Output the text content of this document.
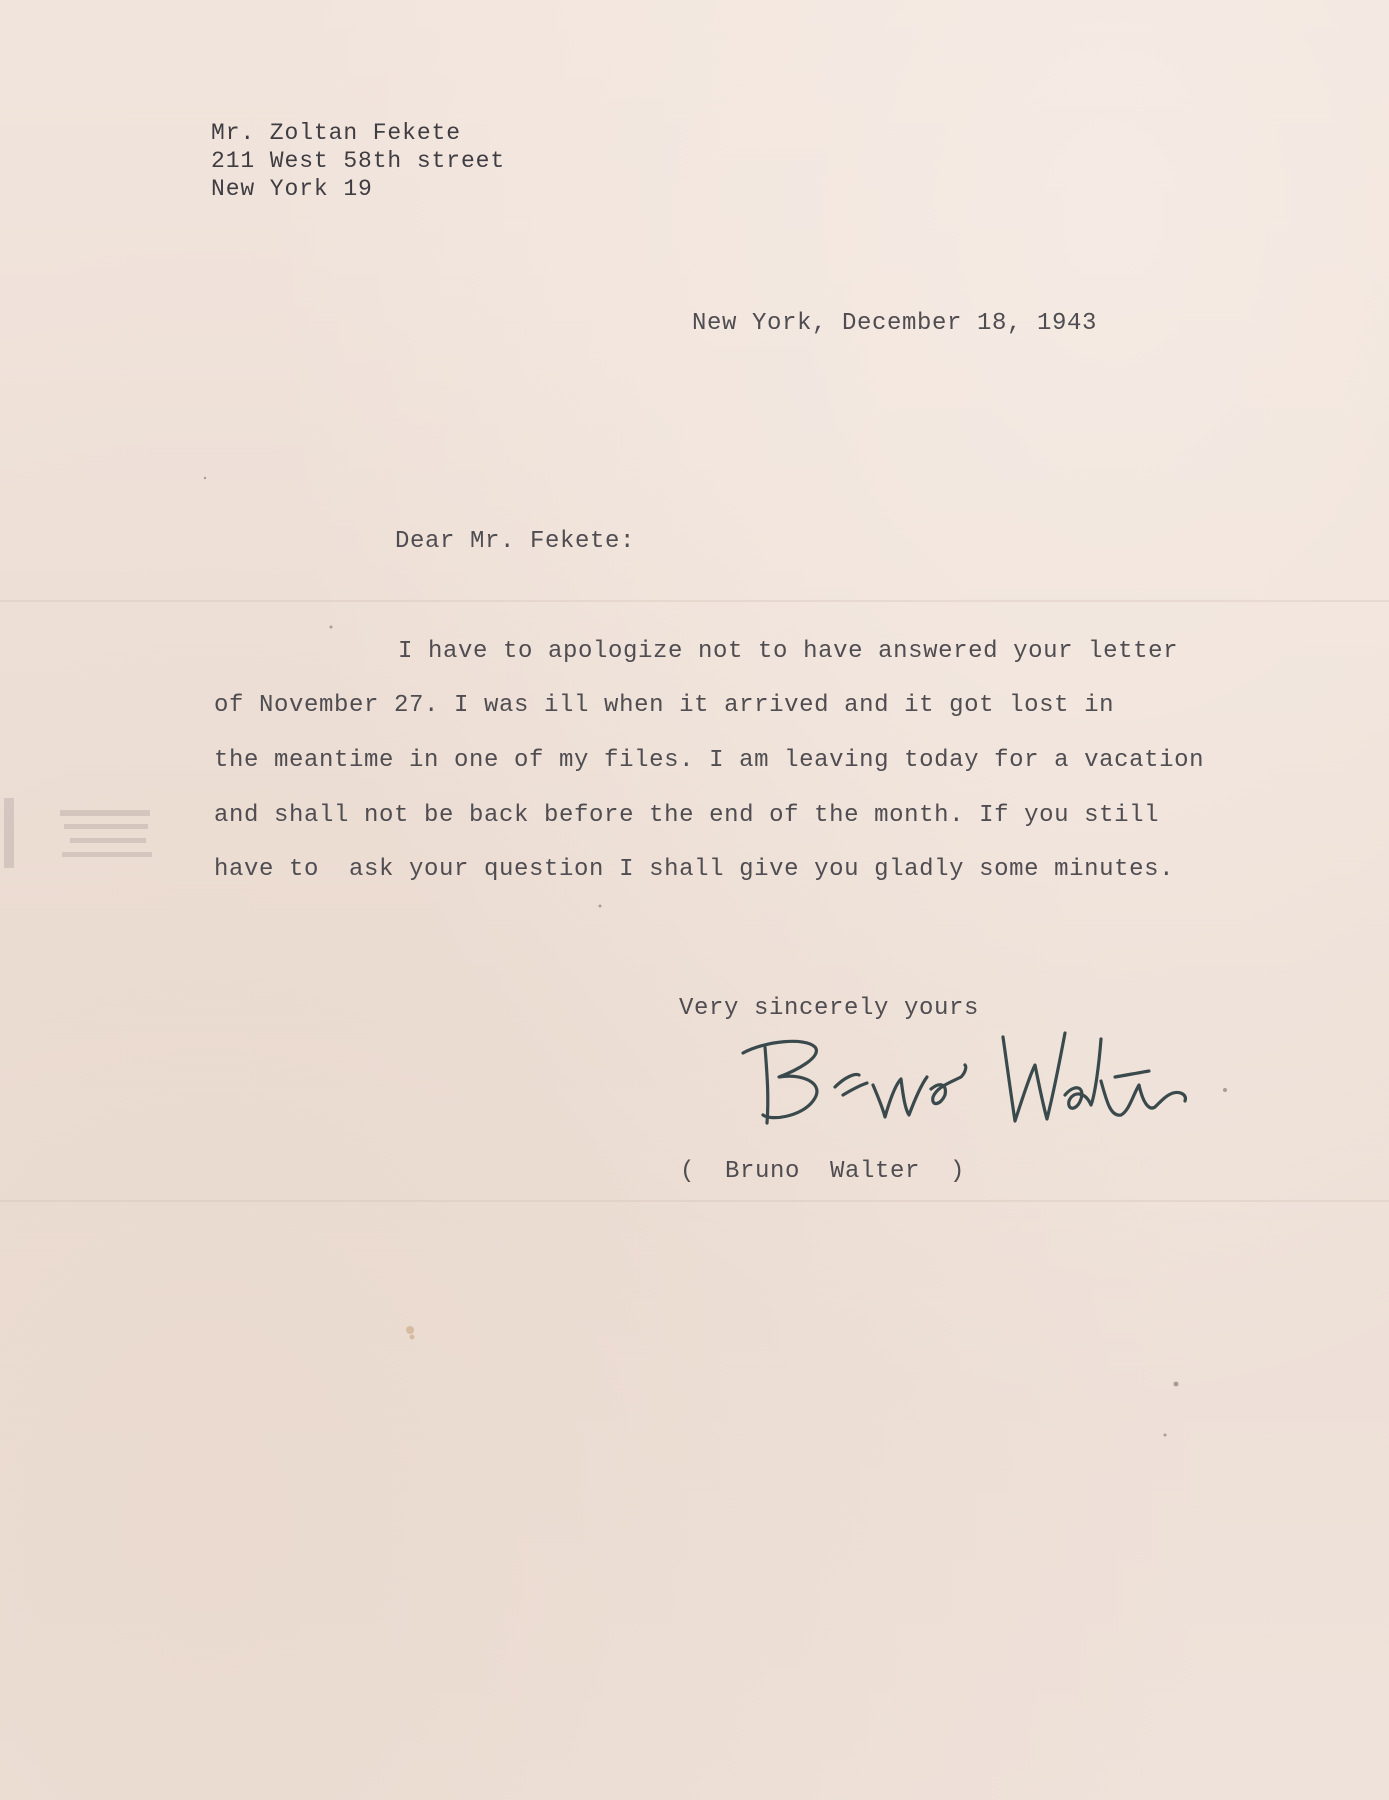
Mr. Zoltan Fekete

211 West 58th street

New York 19

New York, December 18, 1943

Dear Mr. Fekete:

I have to apologize not to have answered your letter

of November 27. I was ill when it arrived and it got lost in

the meantime in one of my files. I am leaving today for a vacation

and shall not be back before the end of the month. If you still

have to  ask your question I shall give you gladly some minutes.

Very sincerely yours

(  Bruno  Walter  )
